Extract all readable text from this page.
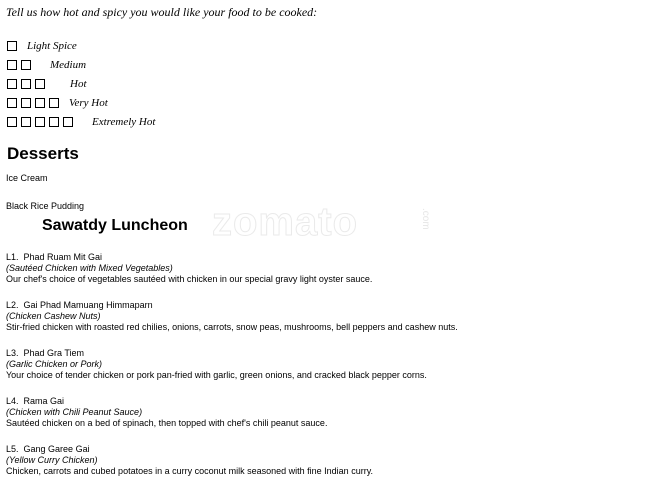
Tell us how hot and spicy you would like your food to be cooked:
Light Spice
Medium
Hot
Very Hot
Extremely Hot
Desserts
Ice Cream
Black Rice Pudding	zomato	.com
Sawatdy Luncheon
L1. Phad Ruam Mit Gai
(Sautéed Chicken with Mixed Vegetables)
Our chef's choice of vegetables sautéed with chicken in our special gravy light oyster sauce.
L2. Gai Phad Mamuang Himmaparn
(Chicken Cashew Nuts)
Stir-fried chicken with roasted red chilies, onions, carrots, snow peas, mushrooms, bell peppers and cashew nuts.
L3. Phad Gra Tiem
(Garlic Chicken or Pork)
Your choice of tender chicken or pork pan-fried with garlic, green onions, and cracked black pepper corns.
L4. Rama Gai
(Chicken with Chili Peanut Sauce)
Sautéed chicken on a bed of spinach, then topped with chef's chili peanut sauce.
L5. Gang Garee Gai
(Yellow Curry Chicken)
Chicken, carrots and cubed potatoes in a curry coconut milk seasoned with fine Indian curry.
